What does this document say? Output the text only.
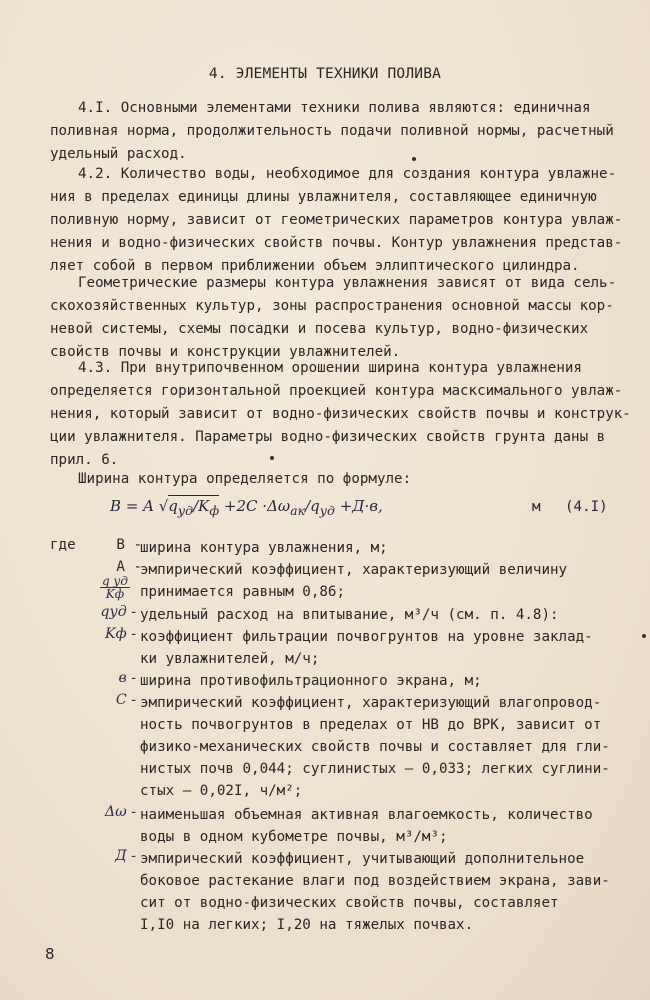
4. ЭЛЕМЕНТЫ ТЕХНИКИ ПОЛИВА
4.I. Основными элементами техники полива являются: единичная
поливная норма, продолжительность подачи поливной нормы, расчетный
удельный расход.
4.2. Количество воды, необходимое для создания контура увлажне-
ния в пределах единицы длины увлажнителя, составляющее единичную
поливную норму, зависит от геометрических параметров контура увлаж-
нения и водно-физических свойств почвы. Контур увлажнения представ-
ляет собой в первом приближении объем эллиптического цилиндра.
Геометрические размеры контура увлажнения зависят от вида сель-
скохозяйственных культур, зоны распространения основной массы кор-
невой системы, схемы посадки и посева культур, водно-физических
свойств почвы и конструкции увлажнителей.
4.3. При внутрипочвенном орошении ширина контура увлажнения
определяется горизонтальной проекцией контура масксимального увлаж-
нения, который зависит от водно-физических свойств почвы и конструк-
ции увлажнителя. Параметры водно-физических свойств грунта даны в
прил. 6.
Ширина контура определяется по формуле:
B = A $√q_{уд}/K_ф +2C \cdot\Delta\omega_{ак}/q_{уд} +Д\cdot в$,	м (4.I)
где	В -
А -
$\frac{\text{q уд}}{Kф}$
qуд -
Kф -
в -
С -
Δω -
Д -
ширина контура увлажнения, м;
эмпирический коэффициент, характеризующий величину
принимается равным 0,86;
удельный расход на впитывание, м³/ч (см. п. 4.8):
коэффициент фильтрации почвогрунтов на уровне заклад-
ки увлажнителей, м/ч;
ширина противофильтрационного экрана, м;
эмпирический коэффициент, характеризующий влагопровод-
ность почвогрунтов в пределах от НВ до ВРК, зависит от
физико-механических свойств почвы и составляет для гли-
нистых почв 0,044; суглинистых – 0,033; легких суглини-
стых – 0,02I, ч/м²;
наименьшая объемная активная влагоемкость, количество
воды в одном кубометре почвы, м³/м³;
эмпирический коэффициент, учитывающий дополнительное
боковое растекание влаги под воздействием экрана, зави-
сит от водно-физических свойств почвы, составляет
I,I0 на легких; I,20 на тяжелых почвах.
8
